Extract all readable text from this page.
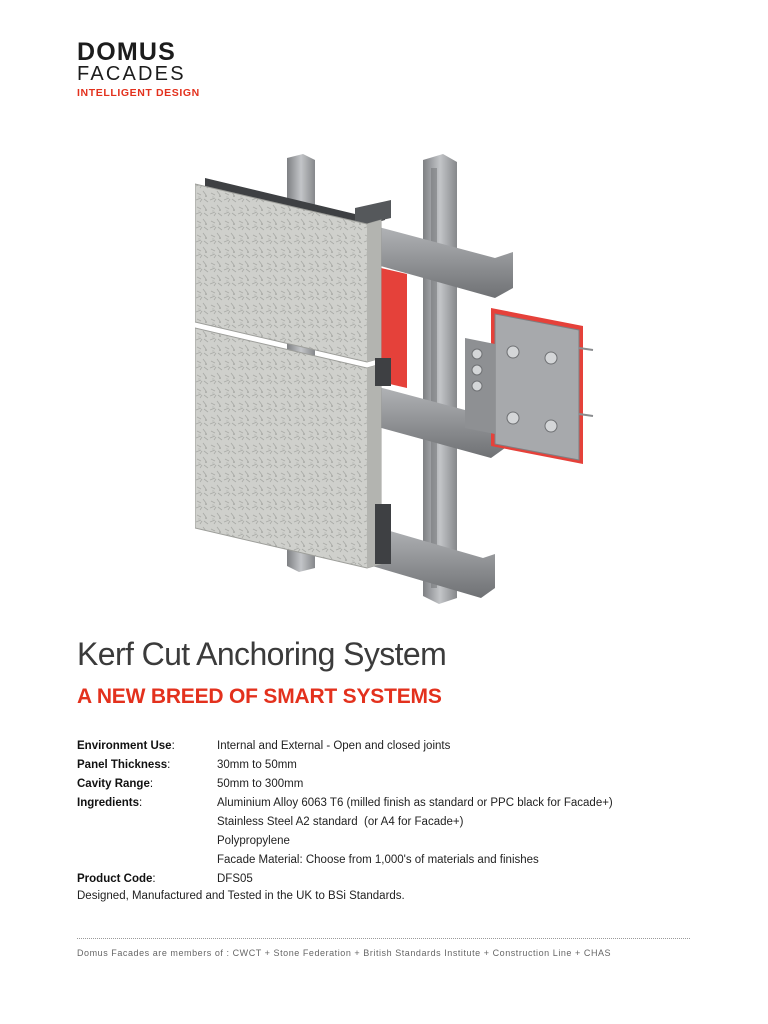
DOMUS
FACADES
INTELLIGENT DESIGN
Kerf Cut Anchoring System
A NEW BREED OF SMART SYSTEMS
Environment Use:	Internal and External - Open and closed joints
Panel Thickness:	30mm to 50mm
Cavity Range:	50mm to 300mm
Ingredients:	Aluminium Alloy 6063 T6 (milled finish as standard or PPC black for Facade+)
Stainless Steel A2 standard  (or A4 for Facade+)
Polypropylene
Facade Material: Choose from 1,000's of materials and finishes
Product Code:	DFS05
Designed, Manufactured and Tested in the UK to BSi Standards.
Domus Facades are members of : CWCT + Stone Federation + British Standards Institute + Construction Line + CHAS
